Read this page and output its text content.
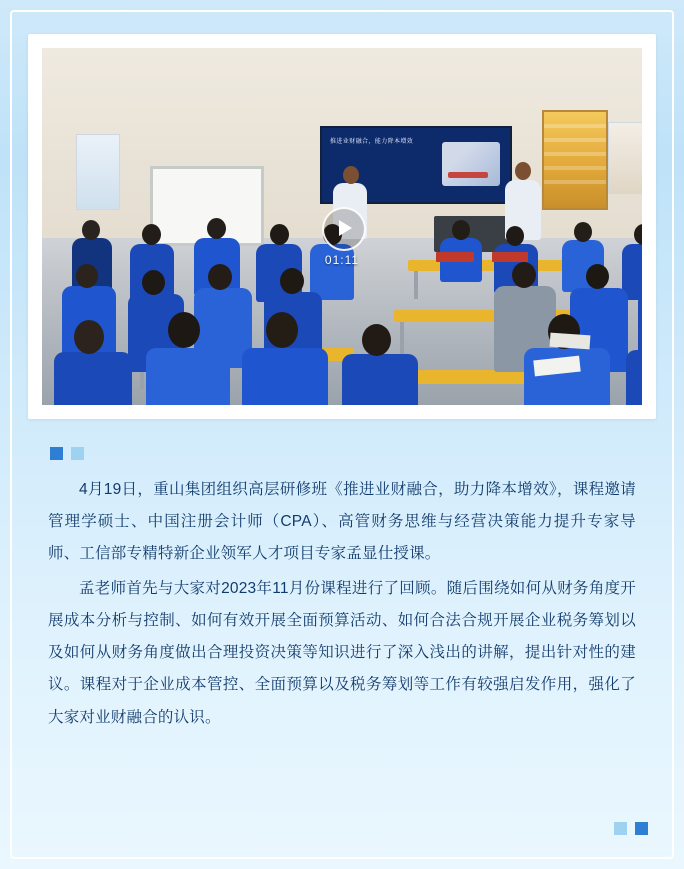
推进业财融合，能力降本增效
01:11

4月19日，重山集团组织高层研修班《推进业财融合，助力降本增效》，课程邀请管理学硕士、中国注册会计师（CPA）、高管财务思维与经营决策能力提升专家导师、工信部专精特新企业领军人才项目专家孟显仕授课。

孟老师首先与大家对2023年11月份课程进行了回顾。随后围绕如何从财务角度开展成本分析与控制、如何有效开展全面预算活动、如何合法合规开展企业税务筹划以及如何从财务角度做出合理投资决策等知识进行了深入浅出的讲解，提出针对性的建议。课程对于企业成本管控、全面预算以及税务筹划等工作有较强启发作用，强化了大家对业财融合的认识。
